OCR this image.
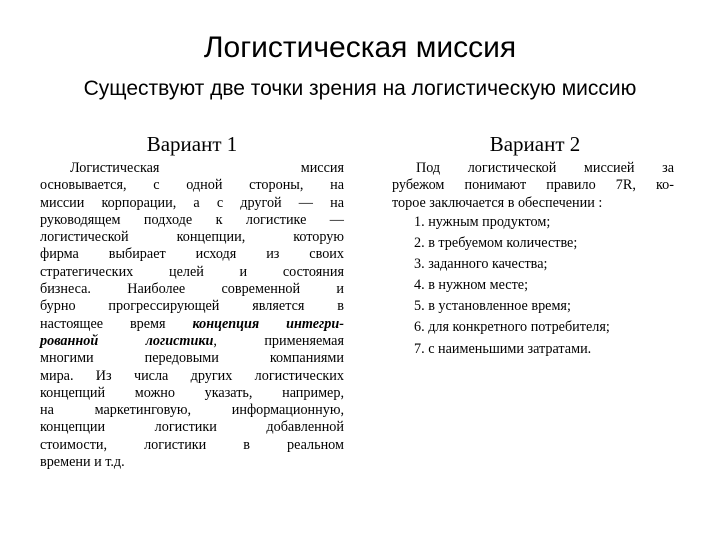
Логистическая миссия
Существуют две точки зрения на логистическую миссию
Вариант 1	Вариант 2
Логистическая миссия
основывается, с одной стороны, на
миссии корпорации, а с другой — на
руководящем подходе к логистике —
логистической концепции, которую
фирма выбирает исходя из своих
стратегических целей и состояния
бизнеса. Наиболее современной и
бурно прогрессирующей является в
настоящее время концепция интегри-
рованной логистики, применяемая
многими передовыми компаниями
мира. Из числа других логистических
концепций можно указать, например,
на маркетинговую, информационную,
концепции логистики добавленной
стоимости, логистики в реальном
времени и т.д.
Под логистической миссией за
рубежом понимают правило 7R, ко-
торое заключается в обеспечении :
1. нужным продуктом;
2. в требуемом количестве;
3. заданного качества;
4. в нужном месте;
5. в установленное время;
6. для конкретного потребителя;
7. с наименьшими затратами.
